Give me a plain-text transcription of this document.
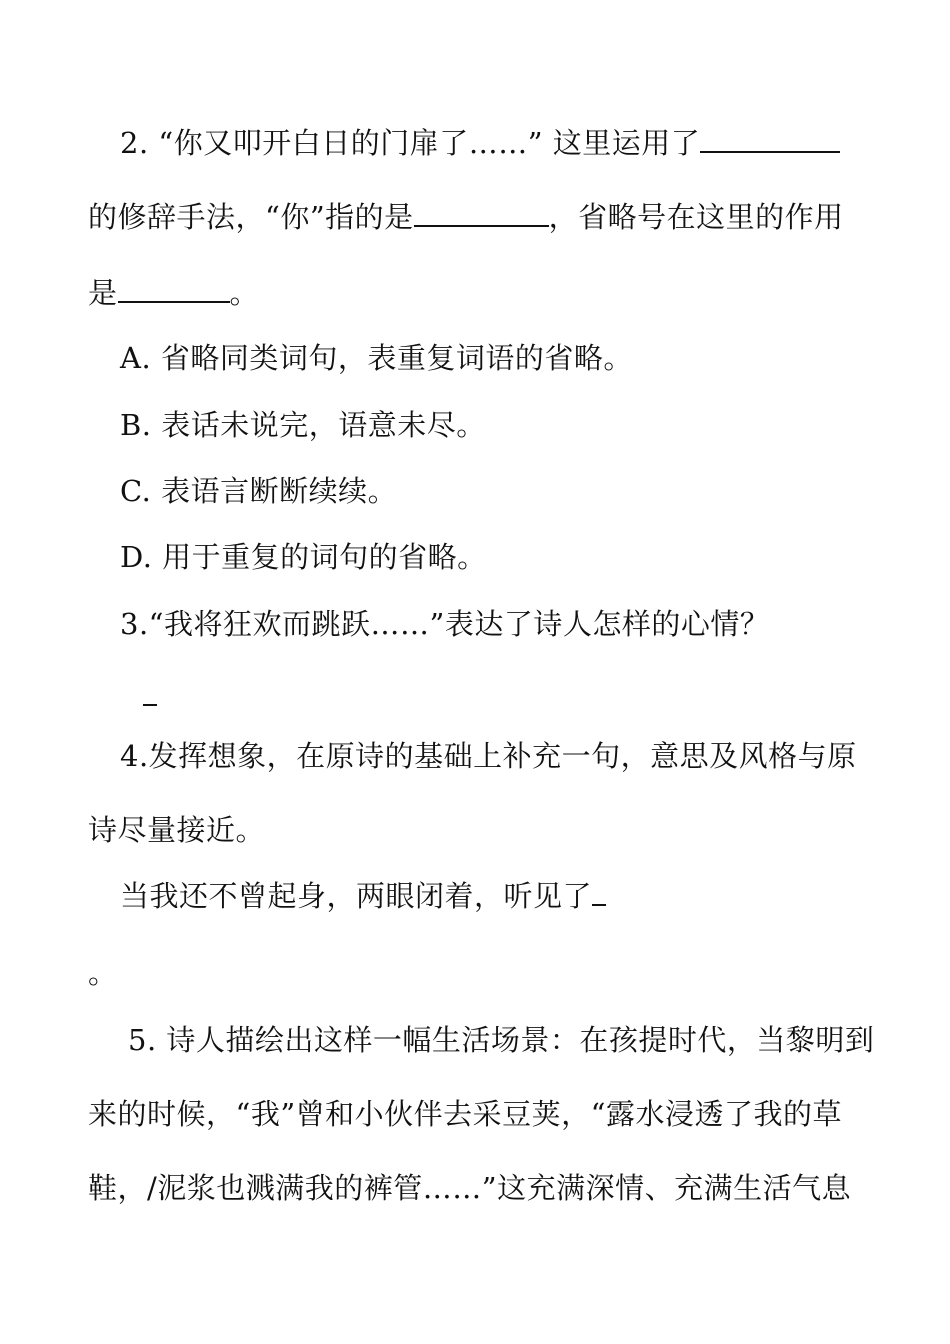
2. “你又叩开白日的门扉了……” 这里运用了
的修辞手法，“你”指的是	，省略号在这里的作用
是	。
A. 省略同类词句，表重复词语的省略。
B. 表话未说完，语意未尽。
C. 表语言断断续续。
D. 用于重复的词句的省略。
3.“我将狂欢而跳跃……”表达了诗人怎样的心情？
4.发挥想象，在原诗的基础上补充一句，意思及风格与原
诗尽量接近。
当我还不曾起身，两眼闭着，听见了
。
5. 诗人描绘出这样一幅生活场景：在孩提时代，当黎明到
来的时候，“我”曾和小伙伴去采豆荚，“露水浸透了我的草
鞋，/泥浆也溅满我的裤管……”这充满深情、充满生活气息
